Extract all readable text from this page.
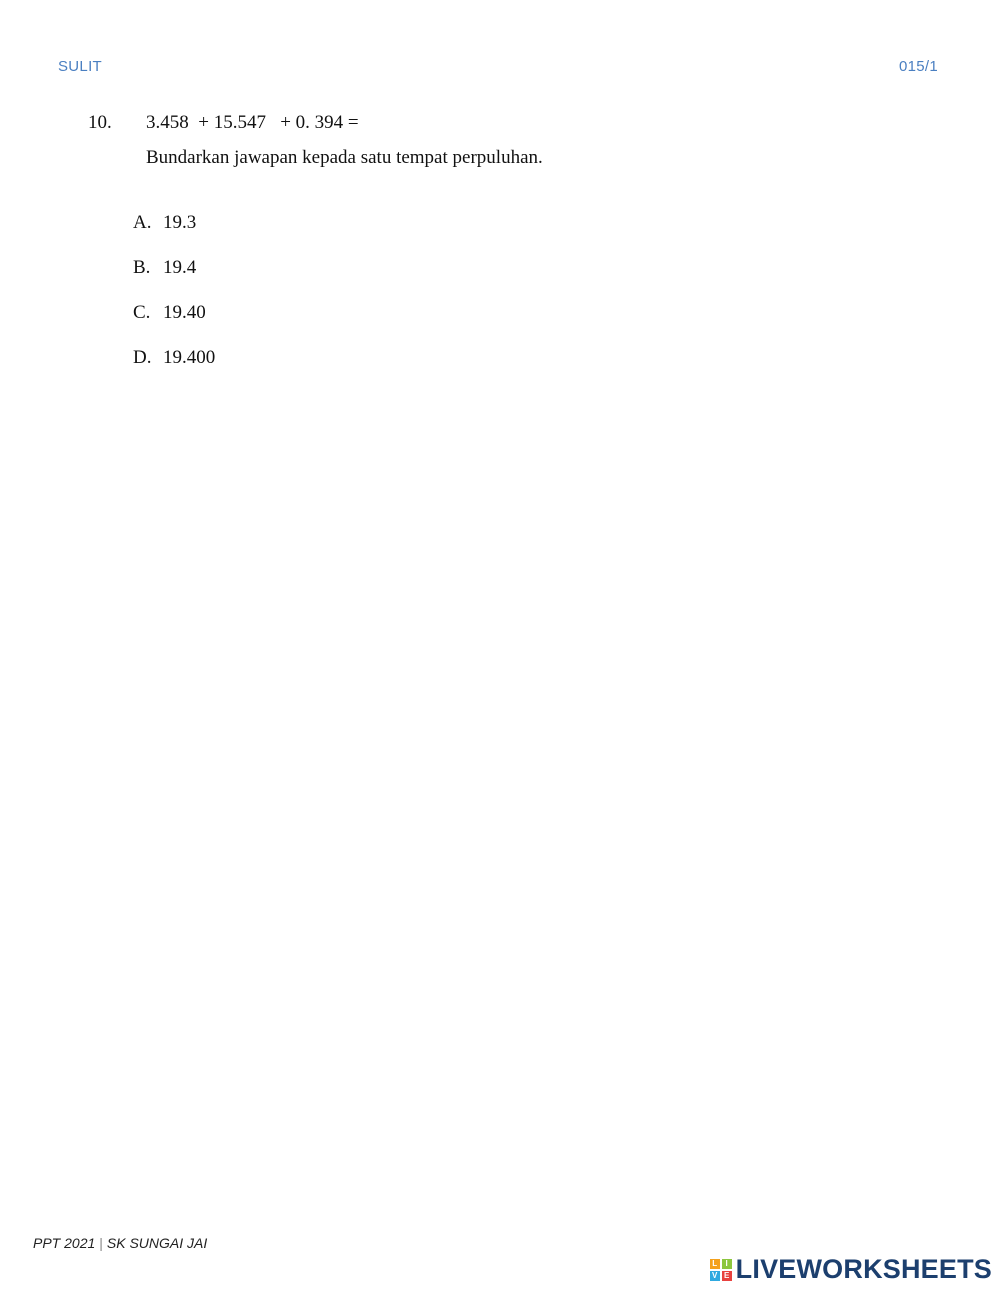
SULIT	015/1
10.	3.458  + 15.547   + 0. 394 =
Bundarkan jawapan kepada satu tempat perpuluhan.
A. 19.3
B. 19.4
C. 19.40
D. 19.400
PPT 2021 | SK SUNGAI JAI
L	I
V E LIVEWORKSHEETS
